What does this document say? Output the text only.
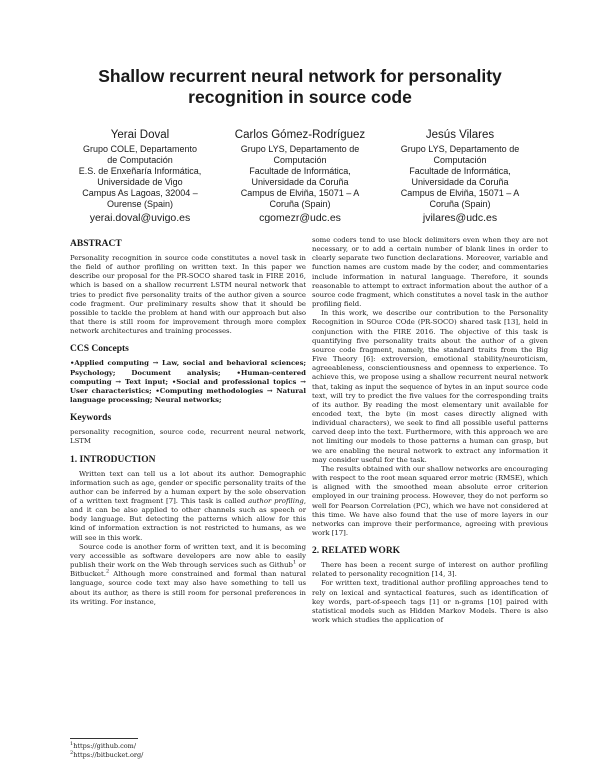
Shallow recurrent neural network for personality
recognition in source code
Yerai Doval
Grupo COLE, Departamento
de Computación
E.S. de Enxeñaría Informática,
Universidade de Vigo
Campus As Lagoas, 32004 –
Ourense (Spain)
yerai.doval@uvigo.es
Carlos Gómez-Rodríguez
Grupo LYS, Departamento de
Computación
Facultade de Informática,
Universidade da Coruña
Campus de Elviña, 15071 – A
Coruña (Spain)
cgomezr@udc.es
Jesús Vilares
Grupo LYS, Departamento de
Computación
Facultade de Informática,
Universidade da Coruña
Campus de Elviña, 15071 – A
Coruña (Spain)
jvilares@udc.es
ABSTRACT

Personality recognition in source code constitutes a novel task in the field of author profiling on written text. In this paper we describe our proposal for the PR-SOCO shared task in FIRE 2016, which is based on a shallow recurrent LSTM neural network that tries to predict five personality traits of the author given a source code fragment. Our preliminary results show that it should be possible to tackle the problem at hand with our approach but also that there is still room for improvement through more complex network architectures and training processes.

CCS Concepts

•Applied computing → Law, social and behavioral sciences; Psychology; Document analysis; •Human-centered computing → Text input; •Social and professional topics → User characteristics; •Computing methodologies → Natural language processing; Neural networks;

Keywords

personality recognition, source code, recurrent neural network, LSTM

1. INTRODUCTION

Written text can tell us a lot about its author. Demographic information such as age, gender or specific personality traits of the author can be inferred by a human expert by the sole observation of a written text fragment [7]. This task is called author profiling, and it can be also applied to other channels such as speech or body language. But detecting the patterns which allow for this kind of information extraction is not restricted to humans, as we will see in this work.

Source code is another form of written text, and it is becoming very accessible as software developers are now able to easily publish their work on the Web through services such as Github$^1$ or Bitbucket.$^2$ Although more constrained and formal than natural language, source code text may also have something to tell us about its author, as there is still room for personal preferences in its writing. For instance,

$^1$https://github.com/
$^2$https://bitbucket.org/

some coders tend to use block delimiters even when they are not necessary, or to add a certain number of blank lines in order to clearly separate two function declarations. Moreover, variable and function names are custom made by the coder, and commentaries include information in natural language. Therefore, it sounds reasonable to attempt to extract information about the author of a source code fragment, which constitutes a novel task in the author profiling field.

In this work, we describe our contribution to the Personality Recognition in SOurce COde (PR-SOCO) shared task [13], held in conjunction with the FIRE 2016. The objective of this task is quantifying five personality traits about the author of a given source code fragment, namely, the standard traits from the Big Five Theory [6]: extroversion, emotional stability/neuroticism, agreeableness, conscientiousness and openness to experience. To achieve this, we propose using a shallow recurrent neural network that, taking as input the sequence of bytes in an input source code text, will try to predict the five values for the corresponding traits of its author. By reading the most elementary unit available for encoded text, the byte (in most cases directly aligned with individual characters), we seek to find all possible useful patterns carved deep into the text. Furthermore, with this approach we are not limiting our models to those patterns a human can grasp, but we are enabling the neural network to extract any information it may consider useful for the task.

The results obtained with our shallow networks are encouraging with respect to the root mean squared error metric (RMSE), which is aligned with the smoothed mean absolute error criterion employed in our training process. However, they do not perform so well for Pearson Correlation (PC), which we have not considered at this time. We have also found that the use of more layers in our networks can improve their performance, agreeing with previous work [17].

2. RELATED WORK

There has been a recent surge of interest on author profiling related to personality recognition [14, 3].

For written text, traditional author profiling approaches tend to rely on lexical and syntactical features, such as identification of key words, part-of-speech tags [1] or n-grams [10] paired with statistical models such as Hidden Markov Models. There is also work which studies the application of
